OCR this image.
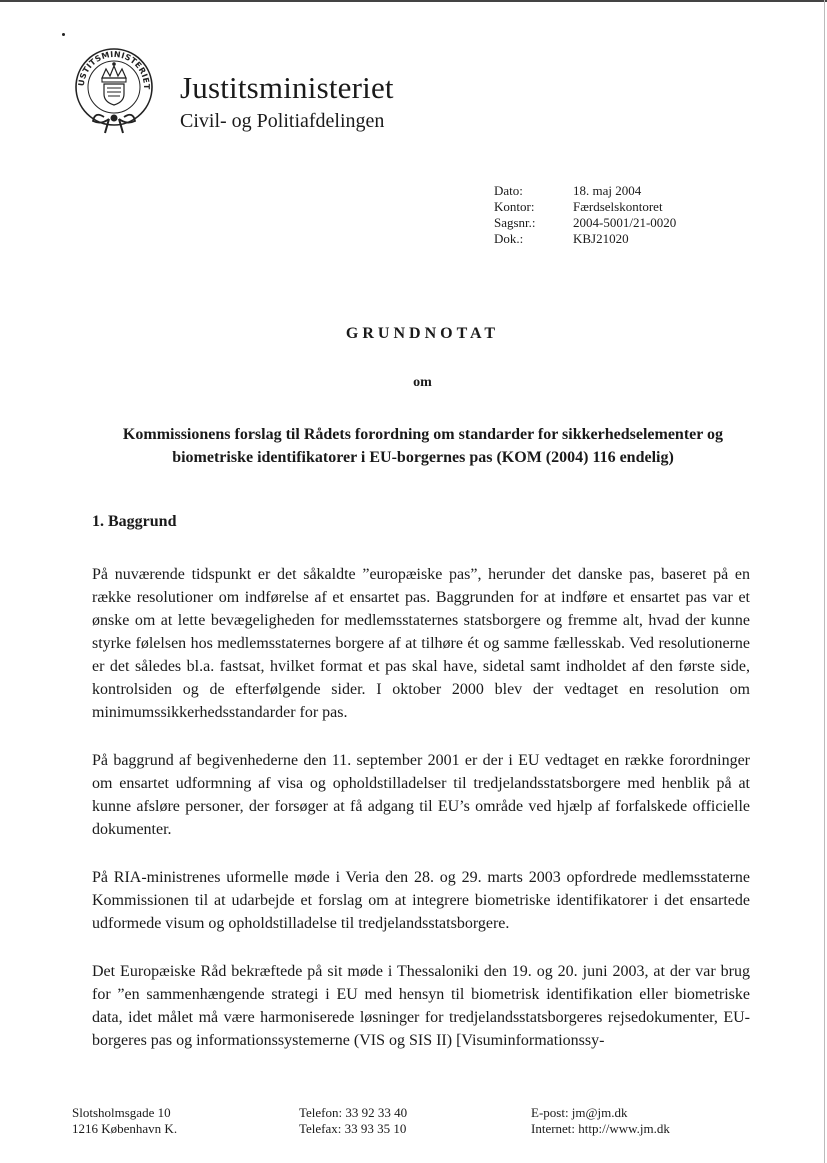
USTITSMINISTERIET Justitsministeriet
Civil- og Politiafdelingen
Dato:	18. maj 2004
Kontor:	Færdselskontoret
Sagsnr.:	2004-5001/21-0020
Dok.:	KBJ21020
GRUNDNOTAT
om
Kommissionens forslag til Rådets forordning om standarder for sikkerhedselementer og biometriske identifikatorer i EU-borgernes pas (KOM (2004) 116 endelig)
1. Baggrund

På nuværende tidspunkt er det såkaldte ”europæiske pas”, herunder det danske pas, baseret på en række resolutioner om indførelse af et ensartet pas. Baggrunden for at indføre et ensartet pas var et ønske om at lette bevægeligheden for medlemsstaternes statsborgere og fremme alt, hvad der kunne styrke følelsen hos medlemsstaternes borgere af at tilhøre ét og samme fællesskab. Ved resolutionerne er det således bl.a. fastsat, hvilket format et pas skal have, sidetal samt indholdet af den første side, kontrolsiden og de efterfølgende sider. I oktober 2000 blev der vedtaget en resolution om minimumssikkerhedsstandarder for pas.

På baggrund af begivenhederne den 11. september 2001 er der i EU vedtaget en række forordninger om ensartet udformning af visa og opholdstilladelser til tredjelandsstatsborgere med henblik på at kunne afsløre personer, der forsøger at få adgang til EU’s område ved hjælp af forfalskede officielle dokumenter.

På RIA-ministrenes uformelle møde i Veria den 28. og 29. marts 2003 opfordrede medlemsstaterne Kommissionen til at udarbejde et forslag om at integrere biometriske identifikatorer i det ensartede udformede visum og opholdstilladelse til tredjelandsstatsborgere.

Det Europæiske Råd bekræftede på sit møde i Thessaloniki den 19. og 20. juni 2003, at der var brug for ”en sammenhængende strategi i EU med hensyn til biometrisk identifikation eller biometriske data, idet målet må være harmoniserede løsninger for tredjelandsstatsborgeres rejsedokumenter, EU-borgeres pas og informationssystemerne (VIS og SIS II) [Visuminformationssy-

Slotsholmsgade 10
1216 København K.
Telefon: 33 92 33 40
Telefax: 33 93 35 10
E-post: jm@jm.dk
Internet: http://www.jm.dk
